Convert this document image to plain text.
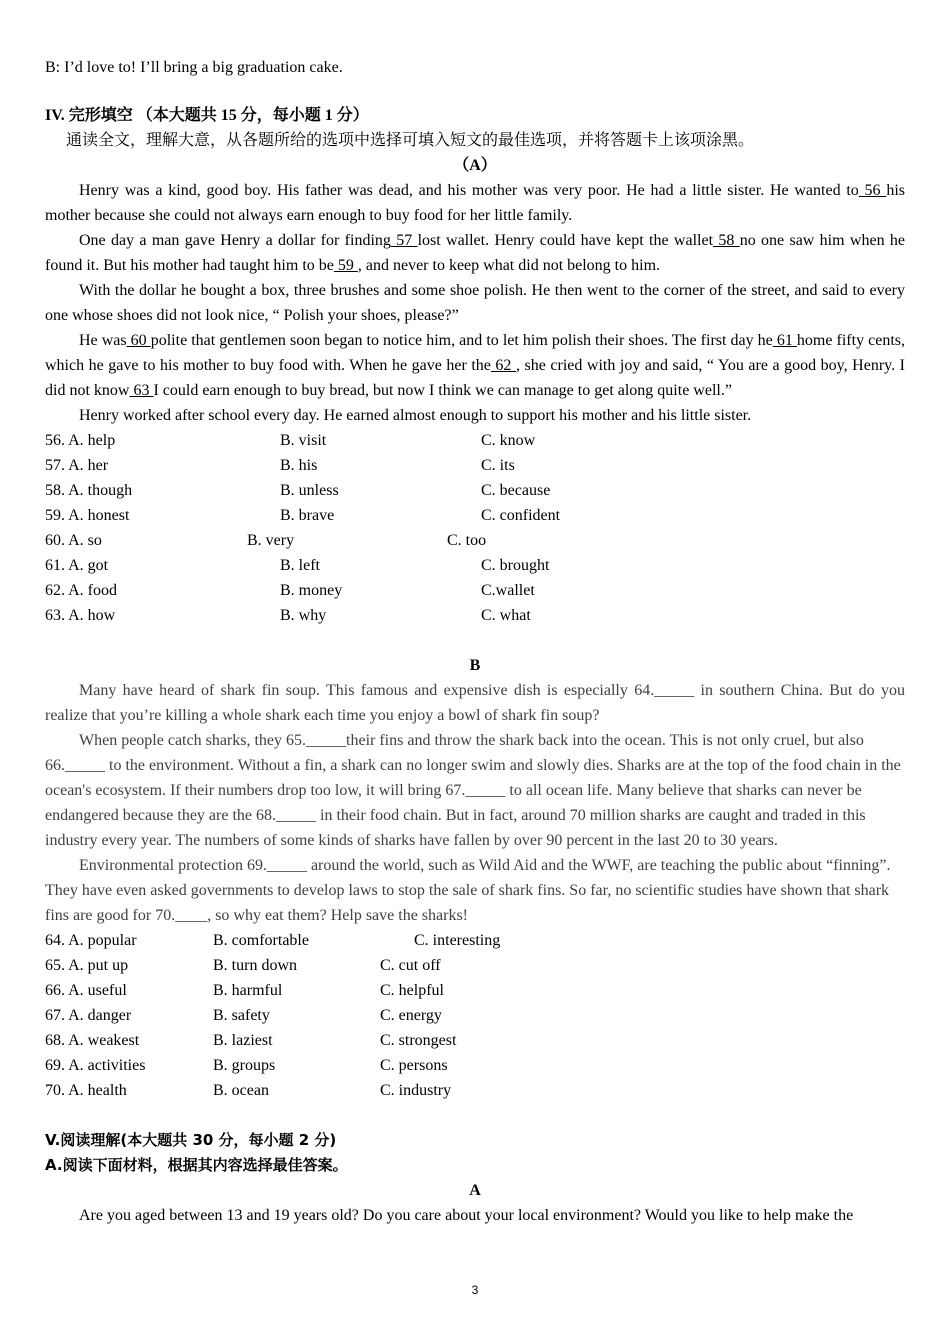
B: I’d love to! I’ll bring a big graduation cake.

IV. 完形填空 （本大题共 15 分，每小题 1 分）

通读全文，理解大意，从各题所给的选项中选择可填入短文的最佳选项，并将答题卡上该项涂黑。

（A）

Henry was a kind, good boy. His father was dead, and his mother was very poor. He had a little sister. He wanted to 56 his mother because she could not always earn enough to buy food for her little family.

One day a man gave Henry a dollar for finding 57 lost wallet. Henry could have kept the wallet 58 no one saw him when he found it. But his mother had taught him to be 59 , and never to keep what did not belong to him.

With the dollar he bought a box, three brushes and some shoe polish. He then went to the corner of the street, and said to every one whose shoes did not look nice, “ Polish your shoes, please?”

He was 60 polite that gentlemen soon began to notice him, and to let him polish their shoes. The first day he 61 home fifty cents, which he gave to his mother to buy food with. When he gave her the 62 , she cried with joy and said, “ You are a good boy, Henry. I did not know 63 I could earn enough to buy bread, but now I think we can manage to get along quite well.”

Henry worked after school every day. He earned almost enough to support his mother and his little sister.

56. A. help	B. visit	C. know
57. A. her	B. his	C. its
58. A. though	B. unless	C. because
59. A. honest	B. brave	C. confident
60. A. so	B. very	C. too
61. A. got	B. left	C. brought
62. A. food	B. money	C.wallet
63. A. how	B. why	C. what

B

Many have heard of shark fin soup. This famous and expensive dish is especially 64._____ in southern China. But do you realize that you’re killing a whole shark each time you enjoy a bowl of shark fin soup?

When people catch sharks, they 65._____their fins and throw the shark back into the ocean. This is not only cruel, but also 66._____ to the environment. Without a fin, a shark can no longer swim and slowly dies. Sharks are at the top of the food chain in the ocean's ecosystem. If their numbers drop too low, it will bring 67._____ to all ocean life. Many believe that sharks can never be endangered because they are the 68._____ in their food chain. But in fact, around 70 million sharks are caught and traded in this industry every year. The numbers of some kinds of sharks have fallen by over 90 percent in the last 20 to 30 years.

Environmental protection 69._____ around the world, such as Wild Aid and the WWF, are teaching the public about “finning”. They have even asked governments to develop laws to stop the sale of shark fins. So far, no scientific studies have shown that shark fins are good for 70.____, so why eat them? Help save the sharks!

64. A. popular	B. comfortable	C. interesting
65. A. put up	B. turn down	C. cut off
66. A. useful	B. harmful	C. helpful
67. A. danger	B. safety	C. energy
68. A. weakest	B. laziest	C. strongest
69. A. activities	B. groups	C. persons
70. A. health	B. ocean	C. industry

V.阅读理解(本大题共 30 分，每小题 2 分)

A.阅读下面材料，根据其内容选择最佳答案。

A

Are you aged between 13 and 19 years old? Do you care about your local environment? Would you like to help make the

3
